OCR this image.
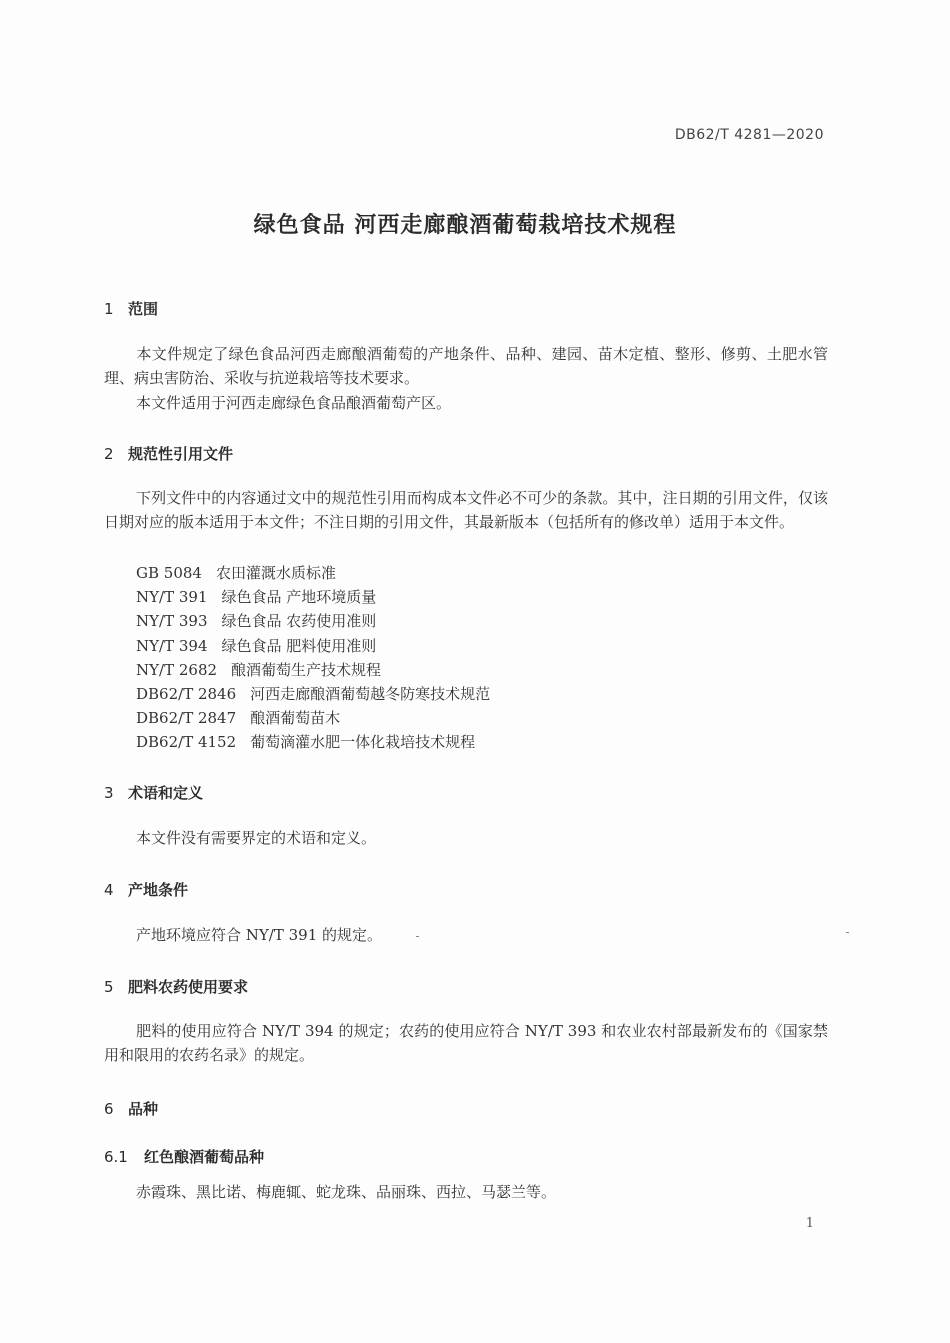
DB62/T 4281—2020
绿色食品 河西走廊酿酒葡萄栽培技术规程
1 范围
本文件规定了绿色食品河西走廊酿酒葡萄的产地条件、品种、建园、苗木定植、整形、修剪、土肥水管理、病虫害防治、采收与抗逆栽培等技术要求。
本文件适用于河西走廊绿色食品酿酒葡萄产区。
2 规范性引用文件
下列文件中的内容通过文中的规范性引用而构成本文件必不可少的条款。其中，注日期的引用文件，仅该日期对应的版本适用于本文件；不注日期的引用文件，其最新版本（包括所有的修改单）适用于本文件。
GB 5084 农田灌溉水质标准
NY/T 391 绿色食品 产地环境质量
NY/T 393 绿色食品 农药使用准则
NY/T 394 绿色食品 肥料使用准则
NY/T 2682 酿酒葡萄生产技术规程
DB62/T 2846 河西走廊酿酒葡萄越冬防寒技术规范
DB62/T 2847 酿酒葡萄苗木
DB62/T 4152 葡萄滴灌水肥一体化栽培技术规程
3 术语和定义
本文件没有需要界定的术语和定义。
4 产地条件
产地环境应符合 NY/T 391 的规定。
5 肥料农药使用要求
肥料的使用应符合 NY/T 394 的规定；农药的使用应符合 NY/T 393 和农业农村部最新发布的《国家禁用和限用的农药名录》的规定。
6 品种
6.1 红色酿酒葡萄品种
赤霞珠、黑比诺、梅鹿辄、蛇龙珠、品丽珠、西拉、马瑟兰等。
1
